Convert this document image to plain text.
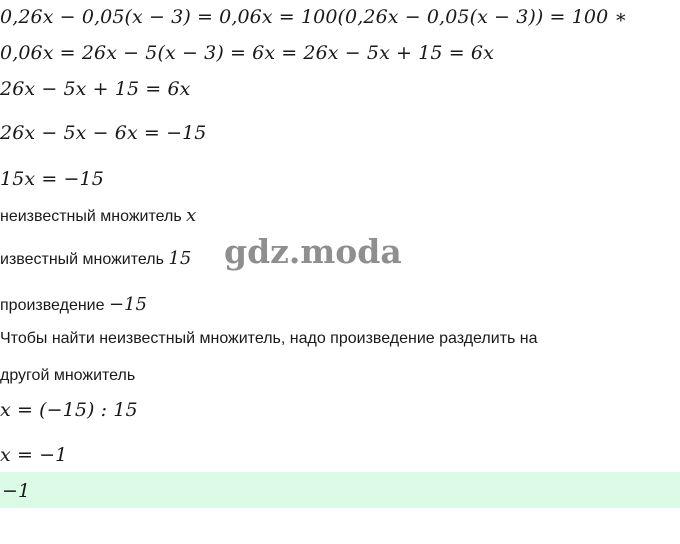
0,26x − 0,05(x − 3) = 0,06x = 100(0,26x − 0,05(x − 3)) = 100 ∗
0,06x = 26x − 5(x − 3) = 6x = 26x − 5x + 15 = 6x
26x − 5x + 15 = 6x
26x − 5x − 6x = −15
15x = −15
неизвестный множитель x
известный множитель 15 gdz.moda
произведение −15
Чтобы найти неизвестный множитель, надо произведение разделить на
другой множитель
x = (−15) : 15
x = −1
−1
